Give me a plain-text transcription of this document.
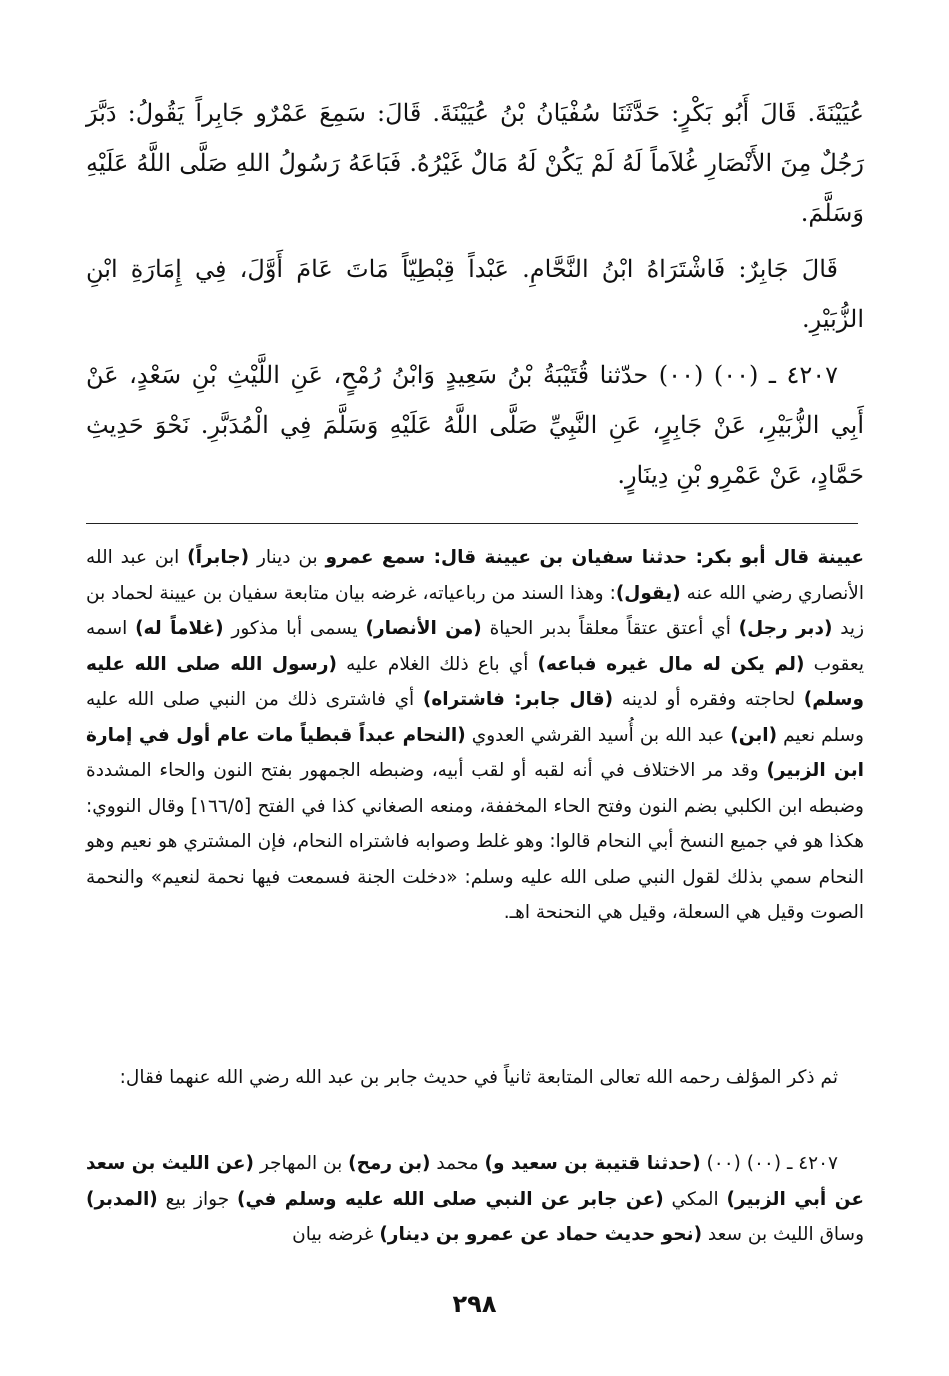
عُيَيْنَةَ. قَالَ أَبُو بَكْرٍ: حَدَّثَنَا سُفْيَانُ بْنُ عُيَيْنَةَ. قَالَ: سَمِعَ عَمْرٌو جَابِراً يَقُولُ: دَبَّرَ رَجُلٌ مِنَ الأَنْصَارِ غُلاَماً لَهُ لَمْ يَكُنْ لَهُ مَالٌ غَيْرُهُ. فَبَاعَهُ رَسُولُ اللهِ صَلَّى اللَّهُ عَلَيْهِ وَسَلَّمَ.

قَالَ جَابِرٌ: فَاشْتَرَاهُ ابْنُ النَّحَّامِ. عَبْداً قِبْطِيّاً مَاتَ عَامَ أَوَّلَ، فِي إِمَارَةِ ابْنِ الزُّبَيْرِ.

٤٢٠٧ ـ (٠٠) (٠٠) حدّثنا قُتَيْبَةُ بْنُ سَعِيدٍ وَابْنُ رُمْحٍ، عَنِ اللَّيْثِ بْنِ سَعْدٍ، عَنْ أَبِي الزُّبَيْرِ، عَنْ جَابِرٍ، عَنِ النَّبِيِّ صَلَّى اللَّهُ عَلَيْهِ وَسَلَّمَ فِي الْمُدَبَّرِ. نَحْوَ حَدِيثِ حَمَّادٍ، عَنْ عَمْرِو بْنِ دِينَارٍ.

عيينة قال أبو بكر: حدثنا سفيان بن عيينة قال: سمع عمرو بن دينار (جابراً) ابن عبد الله الأنصاري رضي الله عنه (يقول): وهذا السند من رباعياته، غرضه بيان متابعة سفيان بن عيينة لحماد بن زيد (دبر رجل) أي أعتق عتقاً معلقاً بدبر الحياة (من الأنصار) يسمى أبا مذكور (غلاماً له) اسمه يعقوب (لم يكن له مال غيره فباعه) أي باع ذلك الغلام عليه (رسول الله صلى الله عليه وسلم) لحاجته وفقره أو لدينه (قال جابر: فاشتراه) أي فاشترى ذلك من النبي صلى الله عليه وسلم نعيم (ابن) عبد الله بن أُسيد القرشي العدوي (النحام عبداً قبطياً مات عام أول في إمارة ابن الزبير) وقد مر الاختلاف في أنه لقبه أو لقب أبيه، وضبطه الجمهور بفتح النون والحاء المشددة وضبطه ابن الكلبي بضم النون وفتح الحاء المخففة، ومنعه الصغاني كذا في الفتح [١٦٦/٥] وقال النووي: هكذا هو في جميع النسخ أبي النحام قالوا: وهو غلط وصوابه فاشتراه النحام، فإن المشتري هو نعيم وهو النحام سمي بذلك لقول النبي صلى الله عليه وسلم: «دخلت الجنة فسمعت فيها نحمة لنعيم» والنحمة الصوت وقيل هي السعلة، وقيل هي النحنحة اهـ.

ثم ذكر المؤلف رحمه الله تعالى المتابعة ثانياً في حديث جابر بن عبد الله رضي الله عنهما فقال:

٤٢٠٧ ـ (٠٠) (٠٠) (حدثنا قتيبة بن سعيد و) محمد (بن رمح) بن المهاجر (عن الليث بن سعد عن أبي الزبير) المكي (عن جابر عن النبي صلى الله عليه وسلم في) جواز بيع (المدبر) وساق الليث بن سعد (نحو حديث حماد عن عمرو بن دينار) غرضه بيان

٢٩٨
